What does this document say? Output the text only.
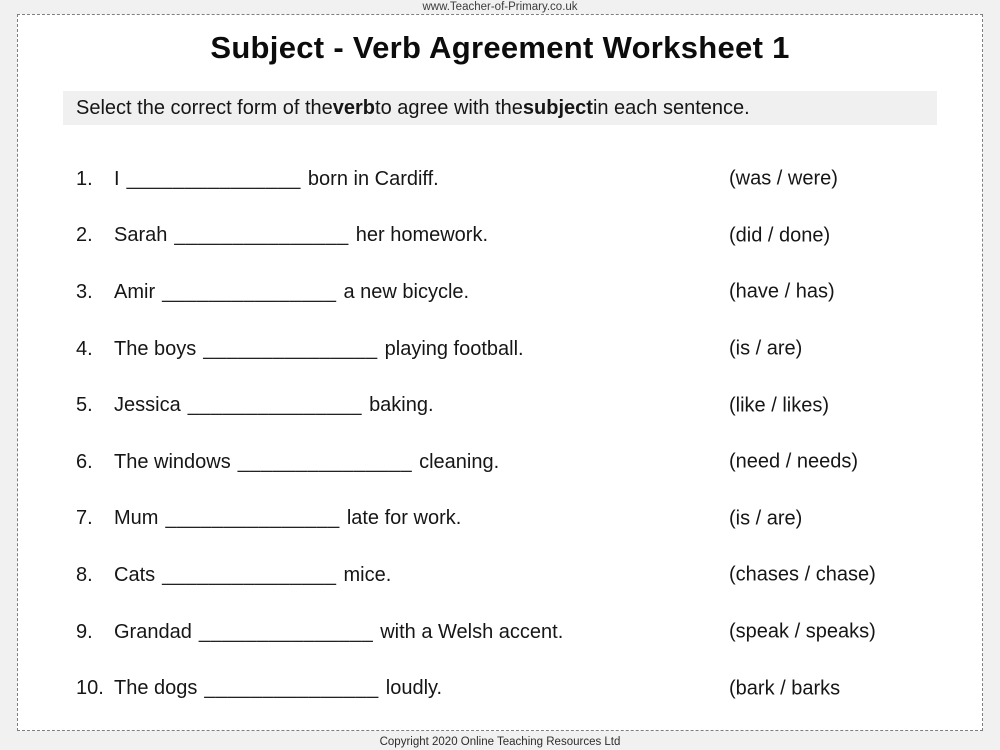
www.Teacher-of-Primary.co.uk
Subject - Verb Agreement Worksheet 1
Select the correct form of the verb to agree with the subject in each sentence.
1.	I _______________ born in Cardiff.	(was / were)
2.	Sarah _______________ her homework.	(did / done)
3.	Amir _______________ a new bicycle.	(have / has)
4.	The boys _______________ playing football.	(is / are)
5.	Jessica _______________ baking.	(like / likes)
6.	The windows _______________ cleaning.	(need / needs)
7.	Mum _______________ late for work.	(is / are)
8.	Cats _______________ mice.	(chases / chase)
9.	Grandad _______________ with a Welsh accent.	(speak / speaks)
10. The dogs _______________ loudly.	(bark / barks
Copyright 2020 Online Teaching Resources Ltd
